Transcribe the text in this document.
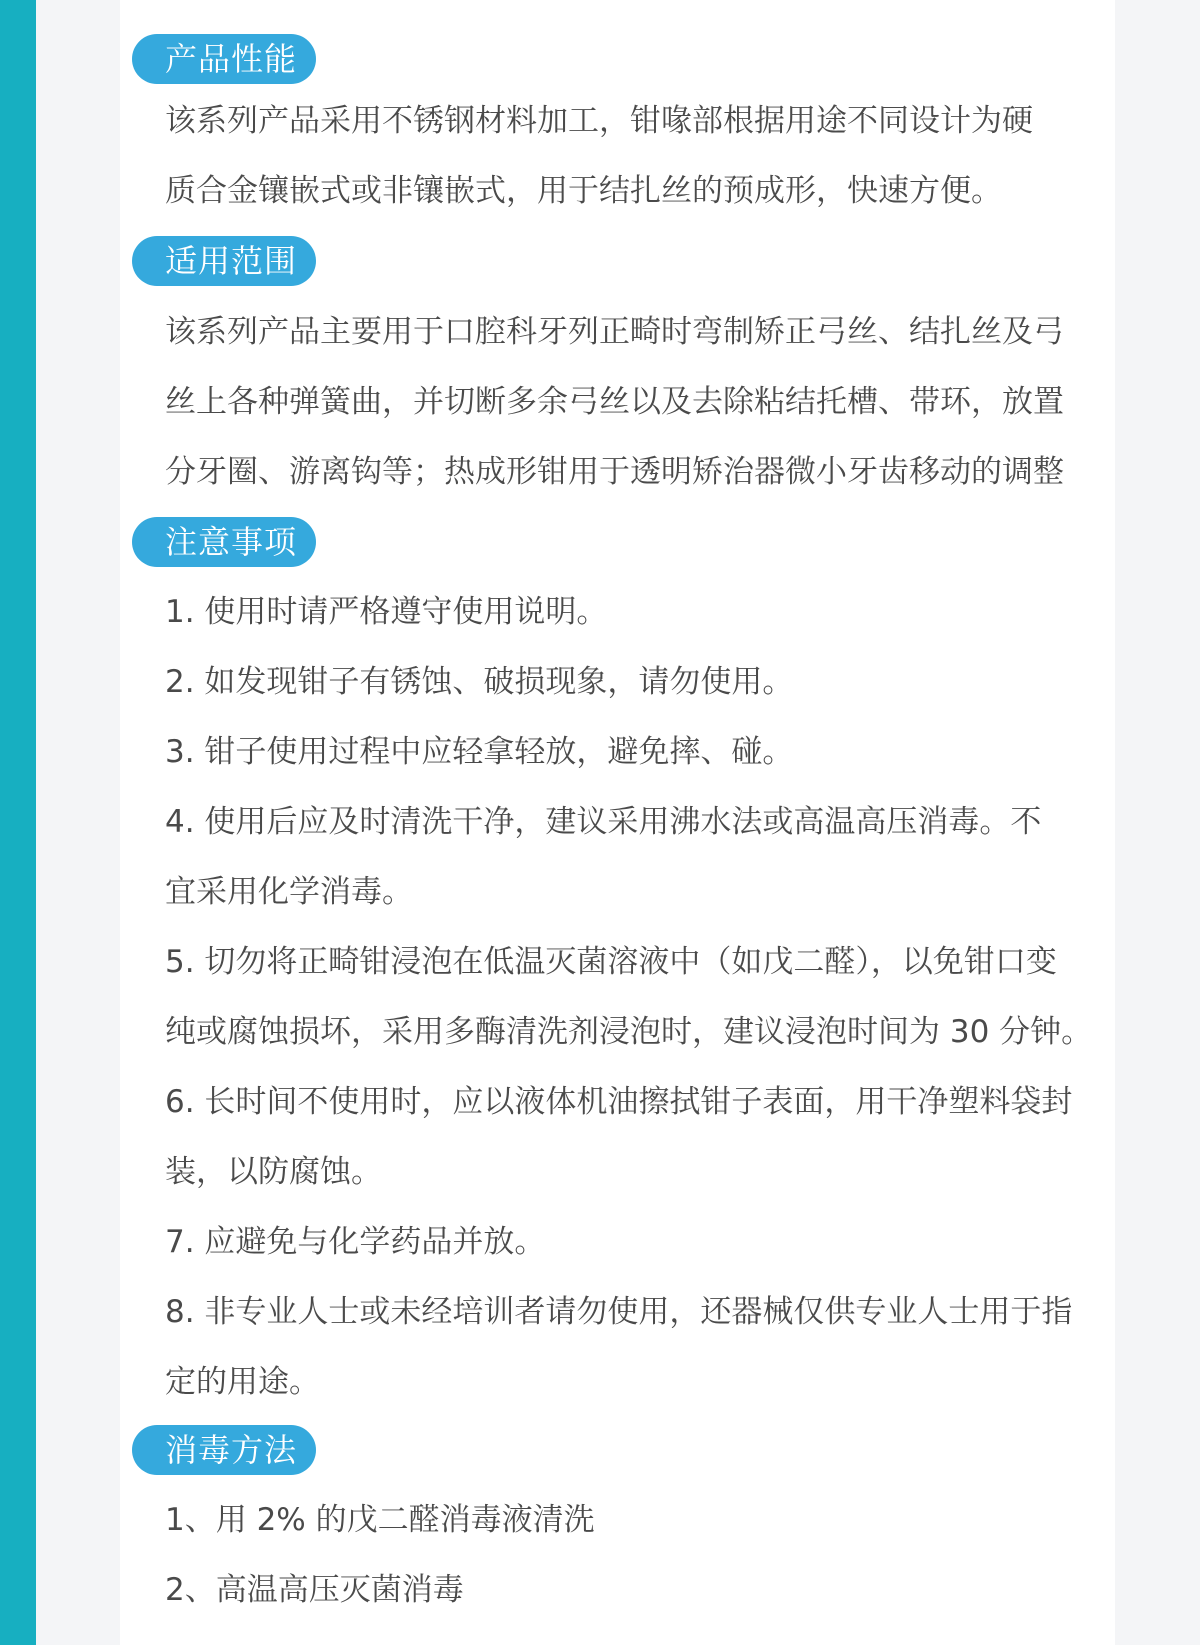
产品性能
该系列产品采用不锈钢材料加工，钳喙部根据用途不同设计为硬
质合金镶嵌式或非镶嵌式，用于结扎丝的预成形，快速方便。
适用范围
该系列产品主要用于口腔科牙列正畸时弯制矫正弓丝、结扎丝及弓
丝上各种弹簧曲，并切断多余弓丝以及去除粘结托槽、带环，放置
分牙圈、游离钩等；热成形钳用于透明矫治器微小牙齿移动的调整
注意事项
1. 使用时请严格遵守使用说明。
2. 如发现钳子有锈蚀、破损现象，请勿使用。
3. 钳子使用过程中应轻拿轻放，避免摔、碰。
4. 使用后应及时清洗干净，建议采用沸水法或高温高压消毒。不
宜采用化学消毒。
5. 切勿将正畸钳浸泡在低温灭菌溶液中（如戊二醛），以免钳口变
纯或腐蚀损坏，采用多酶清洗剂浸泡时，建议浸泡时间为 30 分钟。
6. 长时间不使用时，应以液体机油擦拭钳子表面，用干净塑料袋封
装，以防腐蚀。
7. 应避免与化学药品并放。
8. 非专业人士或未经培训者请勿使用，还器械仅供专业人士用于指
定的用途。
消毒方法
1、用 2% 的戊二醛消毒液清洗
2、高温高压灭菌消毒
